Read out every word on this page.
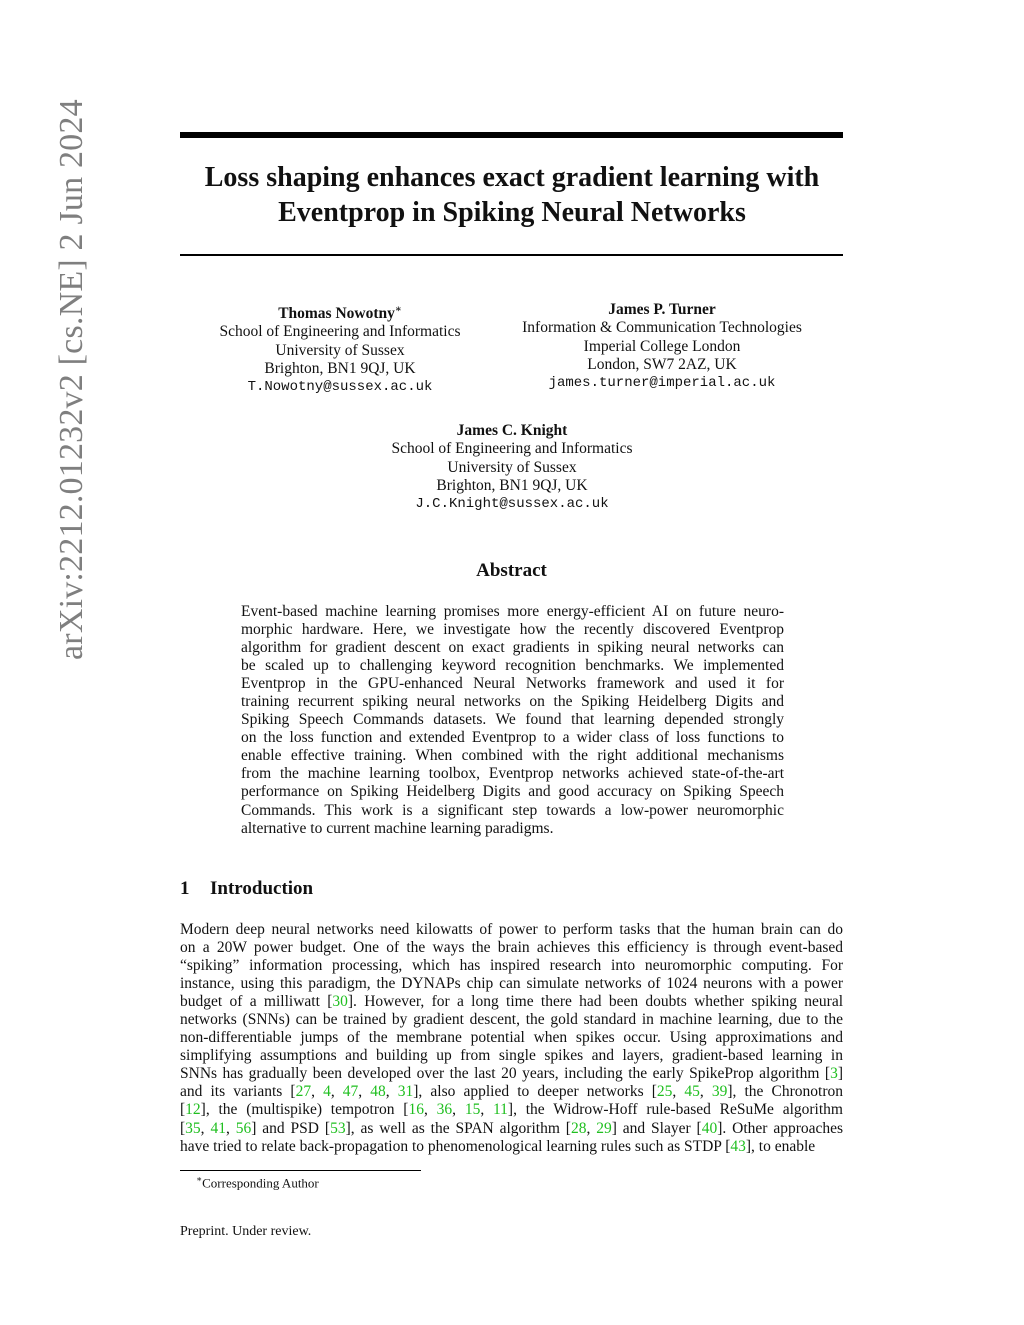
arXiv:2212.01232v2 [cs.NE] 2 Jun 2024	Loss shaping enhances exact gradient learning with
Eventprop in Spiking Neural Networks
Thomas Nowotny∗
School of Engineering and Informatics
University of Sussex
Brighton, BN1 9QJ, UK
T.Nowotny@sussex.ac.uk
James P. Turner
Information & Communication Technologies
Imperial College London
London, SW7 2AZ, UK
james.turner@imperial.ac.uk
James C. Knight
School of Engineering and Informatics
University of Sussex
Brighton, BN1 9QJ, UK
J.C.Knight@sussex.ac.uk
Abstract

Event-based machine learning promises more energy-efficient AI on future neuro-
morphic hardware. Here, we investigate how the recently discovered Eventprop
algorithm for gradient descent on exact gradients in spiking neural networks can
be scaled up to challenging keyword recognition benchmarks. We implemented
Eventprop in the GPU-enhanced Neural Networks framework and used it for
training recurrent spiking neural networks on the Spiking Heidelberg Digits and
Spiking Speech Commands datasets. We found that learning depended strongly
on the loss function and extended Eventprop to a wider class of loss functions to
enable effective training. When combined with the right additional mechanisms
from the machine learning toolbox, Eventprop networks achieved state-of-the-art
performance on Spiking Heidelberg Digits and good accuracy on Spiking Speech
Commands. This work is a significant step towards a low-power neuromorphic
alternative to current machine learning paradigms.

1 Introduction

Modern deep neural networks need kilowatts of power to perform tasks that the human brain can do
on a 20W power budget. One of the ways the brain achieves this efficiency is through event-based
“spiking” information processing, which has inspired research into neuromorphic computing. For
instance, using this paradigm, the DYNAPs chip can simulate networks of 1024 neurons with a power
budget of a milliwatt [30]. However, for a long time there had been doubts whether spiking neural
networks (SNNs) can be trained by gradient descent, the gold standard in machine learning, due to the
non-differentiable jumps of the membrane potential when spikes occur. Using approximations and
simplifying assumptions and building up from single spikes and layers, gradient-based learning in
SNNs has gradually been developed over the last 20 years, including the early SpikeProp algorithm [3]
and its variants [27, 4, 47, 48, 31], also applied to deeper networks [25, 45, 39], the Chronotron
[12], the (multispike) tempotron [16, 36, 15, 11], the Widrow-Hoff rule-based ReSuMe algorithm
[35, 41, 56] and PSD [53], as well as the SPAN algorithm [28, 29] and Slayer [40]. Other approaches
have tried to relate back-propagation to phenomenological learning rules such as STDP [43], to enable

∗Corresponding Author

Preprint. Under review.
